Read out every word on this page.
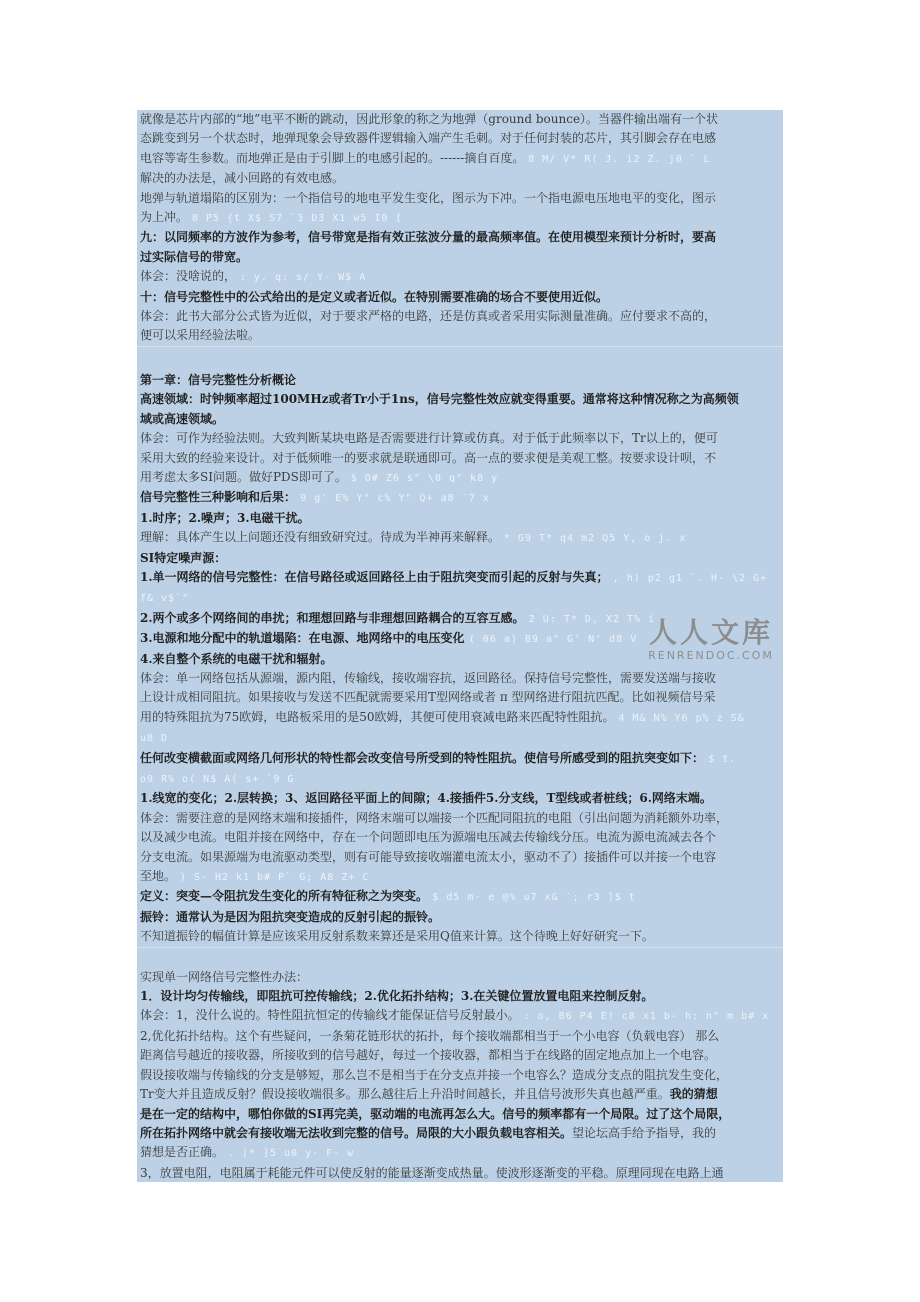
就像是芯片内部的“地”电平不断的跳动，因此形象的称之为地弹（ground bounce）。当器件输出端有一个状
态跳变到另一个状态时，地弹现象会导致器件逻辑输入端产生毛刺。对于任何封装的芯片，其引脚会存在电感
电容等寄生参数。而地弹正是由于引脚上的电感引起的。------摘自百度。 8 M/ V* R( J. i2 Z. j0 ` L
解决的办法是，减小回路的有效电感。
地弹与轨道塌陷的区别为：一个指信号的地电平发生变化，图示为下冲。一个指电源电压地电平的变化，图示
为上冲。 8 P5 {t X$ S7 `3 D3 X1 w5 I0 [
九：以同频率的方波作为参考，信号带宽是指有效正弦波分量的最高频率值。在使用模型来预计分析时，要高
过实际信号的带宽。
体会：没啥说的， : y. q: s/ Y- W$ A
十：信号完整性中的公式给出的是定义或者近似。在特别需要准确的场合不要使用近似。
体会：此书大部分公式皆为近似，对于要求严格的电路，还是仿真或者采用实际测量准确。应付要求不高的，
便可以采用经验法啦。
第一章：信号完整性分析概论
高速领域：时钟频率超过100MHz或者Tr小于1ns，信号完整性效应就变得重要。通常将这种情况称之为高频领
域或高速领域。
体会：可作为经验法则。大致判断某块电路是否需要进行计算或仿真。对于低于此频率以下，Tr以上的，便可
采用大致的经验来设计。对于低频唯一的要求就是联通即可。高一点的要求便是美观工整。按要求设计呗，不
用考虑太多SI问题。做好PDS即可了。 $ O# Z6 s" \0 q" k8 y
信号完整性三种影响和后果： 9 g' E% Y" c% Y" Q+ a8 `7 x
1.时序；2.噪声；3.电磁干扰。
理解：具体产生以上问题还没有细致研究过。待成为半神再来解释。 * G9 T* q4 m2 Q5 Y, o j. x
SI特定噪声源：
1.单一网络的信号完整性：在信号路径或返回路径上由于阻抗突变而引起的反射与失真； , h) p2 g1 `. H- \2 G+
f& v$`"
2.两个或多个网络间的串扰；和理想回路与非理想回路耦合的互容互感。 2 U: T* D, X2 T% i
3.电源和地分配中的轨道塌陷：在电源、地网络中的电压变化 ( 06 a) B9 a" G' N' d8 V
4.来自整个系统的电磁干扰和辐射。
体会：单一网络包括从源端，源内阻，传输线，接收端容抗，返回路径。保持信号完整性，需要发送端与接收
上设计成相同阻抗。如果接收与发送不匹配就需要采用T型网络或者 π 型网络进行阻抗匹配。比如视频信号采
用的特殊阻抗为75欧姆，电路板采用的是50欧姆，其便可使用衰减电路来匹配特性阻抗。 4 M& N% Y6 p% z S&
u8 D
任何改变横截面或网络几何形状的特性都会改变信号所受到的特性阻抗。使信号所感受到的阻抗突变如下： $ t.
o9 R% o( N$ A( s+ `9 G
1.线宽的变化；2.层转换；3、返回路径平面上的间隙；4.接插件5.分支线，T型线或者桩线；6.网络末端。
体会：需要注意的是网络末端和接插件，网络末端可以端接一个匹配同阻抗的电阻（引出问题为消耗额外功率，
以及减少电流。电阻并接在网络中，存在一个问题即电压为源端电压减去传输线分压。电流为源电流减去各个
分支电流。如果源端为电流驱动类型，则有可能导致接收端灌电流太小，驱动不了）接插件可以并接一个电容
至地。 ) S- H2 k1 b# P` G; A8 Z+ C
定义：突变—令阻抗发生变化的所有特征称之为突变。 $ d5 m- e @% u7 x& `; r3 ]$ t
振铃：通常认为是因为阻抗突变造成的反射引起的振铃。
不知道振铃的幅值计算是应该采用反射系数来算还是采用Q值来计算。这个待晚上好好研究一下。
实现单一网络信号完整性办法：
1．设计均匀传输线，即阻抗可控传输线；2.优化拓扑结构；3.在关键位置放置电阻来控制反射。
体会：1，没什么说的。特性阻抗恒定的传输线才能保证信号反射最小。 : o, B6 P4 E! c8 x1 b- h: n" m b# x
2,优化拓扑结构。这个有些疑问，一条菊花链形状的拓扑，每个接收端都相当于一个小电容（负载电容） 那么
距离信号越近的接收器，所接收到的信号越好，每过一个接收器，都相当于在线路的固定地点加上一个电容。
假设接收端与传输线的分支是够短，那么岂不是相当于在分支点并接一个电容么？造成分支点的阻抗发生变化，
Tr变大并且造成反射？假设接收端很多。那么越往后上升沿时间越长，并且信号波形失真也越严重。我的猜想
是在一定的结构中，哪怕你做的SI再完美，驱动端的电流再怎么大。信号的频率都有一个局限。过了这个局限，
所在拓扑网络中就会有接收端无法收到完整的信号。局限的大小跟负载电容相关。望论坛高手给予指导，我的
猜想是否正确。 . |* ]5 u0 y- F- w
3，放置电阻，电阻属于耗能元件可以使反射的能量逐渐变成热量。使波形逐渐变的平稳。原理同现在电路上通
人人文库
RENRENDOC.COM
